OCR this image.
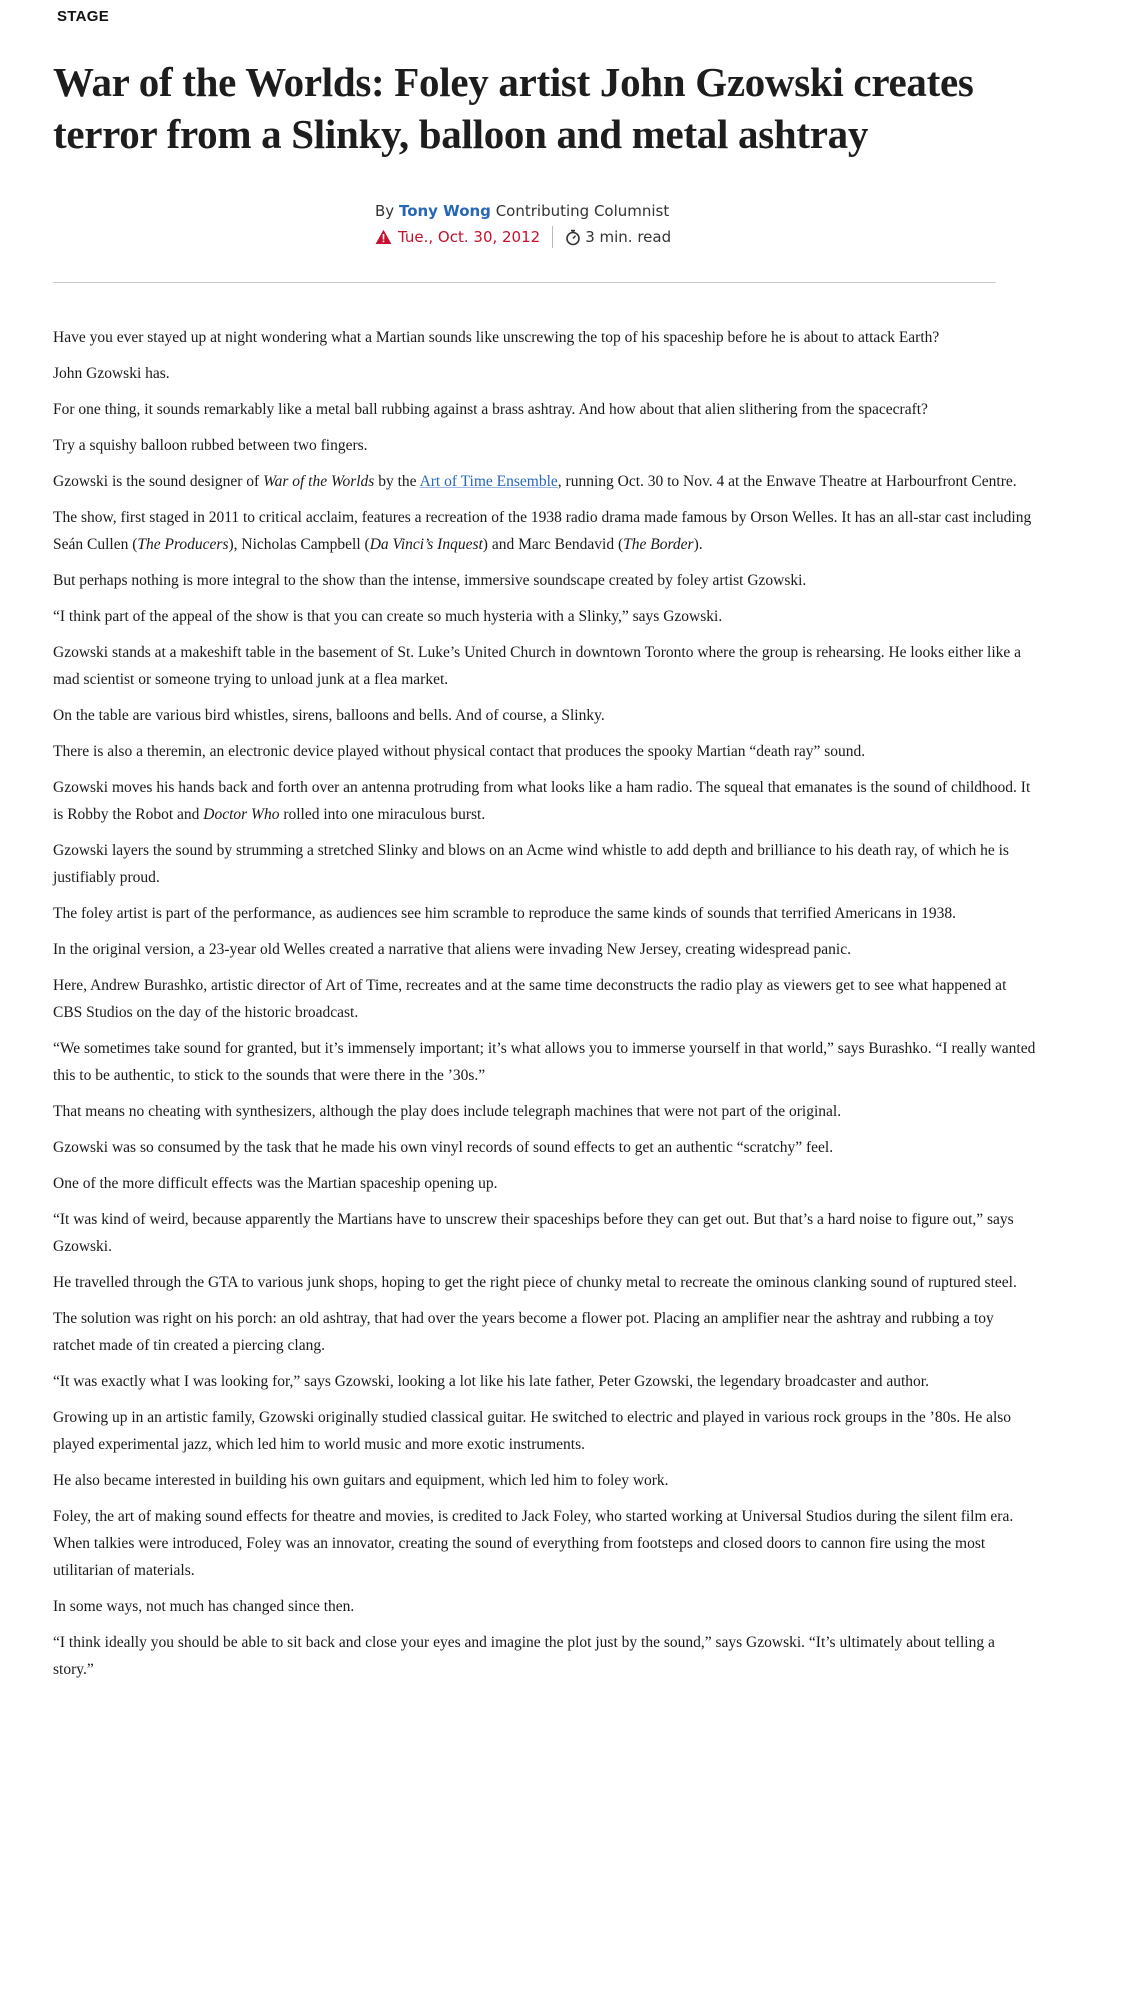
STAGE
War of the Worlds: Foley artist John Gzowski creates terror from a Slinky, balloon and metal ashtray
By Tony Wong Contributing Columnist
Tue., Oct. 30, 2012	3 min. read

Have you ever stayed up at night wondering what a Martian sounds like unscrewing the top of his spaceship before he is about to attack Earth?

John Gzowski has.

For one thing, it sounds remarkably like a metal ball rubbing against a brass ashtray. And how about that alien slithering from the spacecraft?

Try a squishy balloon rubbed between two fingers.

Gzowski is the sound designer of War of the Worlds by the Art of Time Ensemble, running Oct. 30 to Nov. 4 at the Enwave Theatre at Harbourfront Centre.

The show, first staged in 2011 to critical acclaim, features a recreation of the 1938 radio drama made famous by Orson Welles. It has an all-star cast including Seán Cullen (The Producers), Nicholas Campbell (Da Vinci’s Inquest) and Marc Bendavid (The Border).

But perhaps nothing is more integral to the show than the intense, immersive soundscape created by foley artist Gzowski.

“I think part of the appeal of the show is that you can create so much hysteria with a Slinky,” says Gzowski.

Gzowski stands at a makeshift table in the basement of St. Luke’s United Church in downtown Toronto where the group is rehearsing. He looks either like a mad scientist or someone trying to unload junk at a flea market.

On the table are various bird whistles, sirens, balloons and bells. And of course, a Slinky.

There is also a theremin, an electronic device played without physical contact that produces the spooky Martian “death ray” sound.

Gzowski moves his hands back and forth over an antenna protruding from what looks like a ham radio. The squeal that emanates is the sound of childhood. It is Robby the Robot and Doctor Who rolled into one miraculous burst.

Gzowski layers the sound by strumming a stretched Slinky and blows on an Acme wind whistle to add depth and brilliance to his death ray, of which he is justifiably proud.

The foley artist is part of the performance, as audiences see him scramble to reproduce the same kinds of sounds that terrified Americans in 1938.

In the original version, a 23-year old Welles created a narrative that aliens were invading New Jersey, creating widespread panic.

Here, Andrew Burashko, artistic director of Art of Time, recreates and at the same time deconstructs the radio play as viewers get to see what happened at CBS Studios on the day of the historic broadcast.

“We sometimes take sound for granted, but it’s immensely important; it’s what allows you to immerse yourself in that world,” says Burashko. “I really wanted this to be authentic, to stick to the sounds that were there in the ’30s.”

That means no cheating with synthesizers, although the play does include telegraph machines that were not part of the original.

Gzowski was so consumed by the task that he made his own vinyl records of sound effects to get an authentic “scratchy” feel.

One of the more difficult effects was the Martian spaceship opening up.

“It was kind of weird, because apparently the Martians have to unscrew their spaceships before they can get out. But that’s a hard noise to figure out,” says Gzowski.

He travelled through the GTA to various junk shops, hoping to get the right piece of chunky metal to recreate the ominous clanking sound of ruptured steel.

The solution was right on his porch: an old ashtray, that had over the years become a flower pot. Placing an amplifier near the ashtray and rubbing a toy ratchet made of tin created a piercing clang.

“It was exactly what I was looking for,” says Gzowski, looking a lot like his late father, Peter Gzowski, the legendary broadcaster and author.

Growing up in an artistic family, Gzowski originally studied classical guitar. He switched to electric and played in various rock groups in the ’80s. He also played experimental jazz, which led him to world music and more exotic instruments.

He also became interested in building his own guitars and equipment, which led him to foley work.

Foley, the art of making sound effects for theatre and movies, is credited to Jack Foley, who started working at Universal Studios during the silent film era. When talkies were introduced, Foley was an innovator, creating the sound of everything from footsteps and closed doors to cannon fire using the most utilitarian of materials.

In some ways, not much has changed since then.

“I think ideally you should be able to sit back and close your eyes and imagine the plot just by the sound,” says Gzowski. “It’s ultimately about telling a story.”
